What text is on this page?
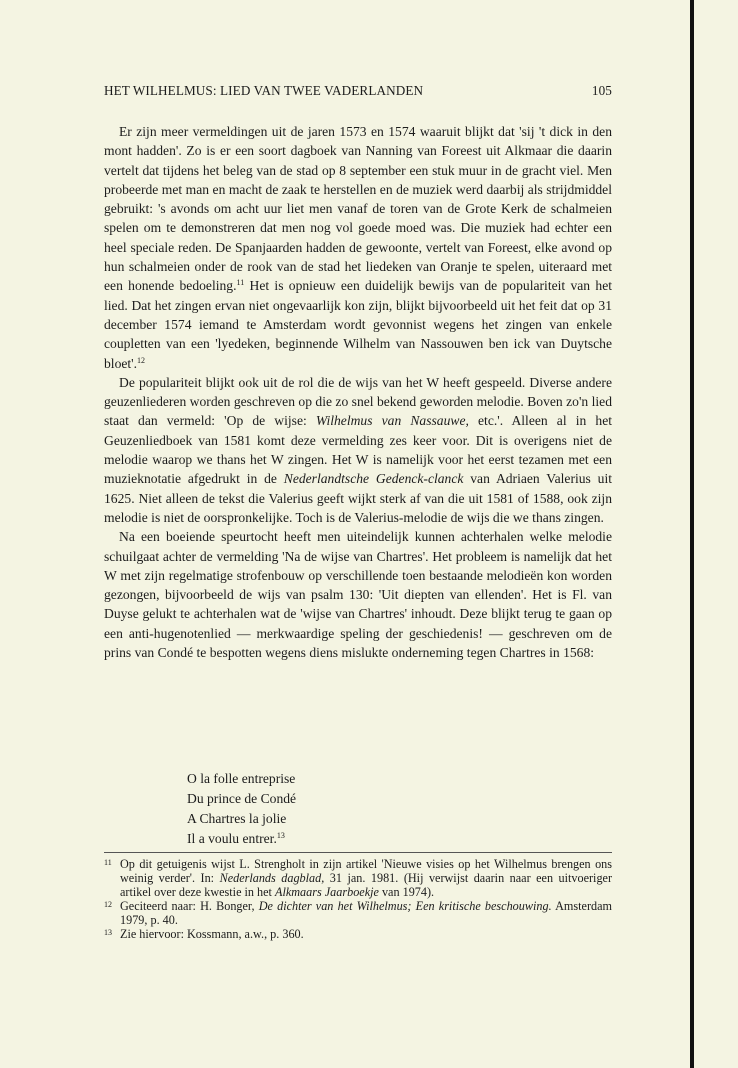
HET WILHELMUS: LIED VAN TWEE VADERLANDEN	105

Er zijn meer vermeldingen uit de jaren 1573 en 1574 waaruit blijkt dat 'sij 't dick in den mont hadden'. Zo is er een soort dagboek van Nanning van Foreest uit Alkmaar die daarin vertelt dat tijdens het beleg van de stad op 8 september een stuk muur in de gracht viel. Men probeerde met man en macht de zaak te herstellen en de muziek werd daarbij als strijdmiddel gebruikt: 's avonds om acht uur liet men vanaf de toren van de Grote Kerk de schalmeien spelen om te demonstreren dat men nog vol goede moed was. Die muziek had echter een heel speciale reden. De Spanjaarden hadden de gewoonte, vertelt van Foreest, elke avond op hun schalmeien onder de rook van de stad het liedeken van Oranje te spelen, uiteraard met een honende bedoeling.$^{11}$ Het is opnieuw een duidelijk bewijs van de populariteit van het lied. Dat het zingen ervan niet ongevaarlijk kon zijn, blijkt bijvoorbeeld uit het feit dat op 31 december 1574 iemand te Amsterdam wordt gevonnist wegens het zingen van enkele coupletten van een 'lyedeken, beginnende Wilhelm van Nassouwen ben ick van Duytsche bloet'.$^{12}$

De populariteit blijkt ook uit de rol die de wijs van het W heeft gespeeld. Diverse andere geuzenliederen worden geschreven op die zo snel bekend geworden melodie. Boven zo'n lied staat dan vermeld: 'Op de wijse: Wilhelmus van Nassauwe, etc.'. Alleen al in het Geuzenliedboek van 1581 komt deze vermelding zes keer voor. Dit is overigens niet de melodie waarop we thans het W zingen. Het W is namelijk voor het eerst tezamen met een muzieknotatie afgedrukt in de Nederlandtsche Gedenck-clanck van Adriaen Valerius uit 1625. Niet alleen de tekst die Valerius geeft wijkt sterk af van die uit 1581 of 1588, ook zijn melodie is niet de oorspronkelijke. Toch is de Valerius-melodie de wijs die we thans zingen.

Na een boeiende speurtocht heeft men uiteindelijk kunnen achterhalen welke melodie schuilgaat achter de vermelding 'Na de wijse van Chartres'. Het probleem is namelijk dat het W met zijn regelmatige strofenbouw op verschillende toen bestaande melodieën kon worden gezongen, bijvoorbeeld de wijs van psalm 130: 'Uit diepten van ellenden'. Het is Fl. van Duyse gelukt te achterhalen wat de 'wijse van Chartres' inhoudt. Deze blijkt terug te gaan op een anti-hugenotenlied — merkwaardige speling der geschiedenis! — geschreven om de prins van Condé te bespotten wegens diens mislukte onderneming tegen Chartres in 1568:

O la folle entreprise
Du prince de Condé
A Chartres la jolie
Il a voulu entrer.$^{13}$
11 Op dit getuigenis wijst L. Strengholt in zijn artikel 'Nieuwe visies op het Wilhelmus brengen ons weinig verder'. In: Nederlands dagblad, 31 jan. 1981. (Hij verwijst daarin naar een uitvoeriger artikel over deze kwestie in het Alkmaars Jaarboekje van 1974).
12 Geciteerd naar: H. Bonger, De dichter van het Wilhelmus; Een kritische beschouwing. Amsterdam 1979, p. 40.
13 Zie hiervoor: Kossmann, a.w., p. 360.
